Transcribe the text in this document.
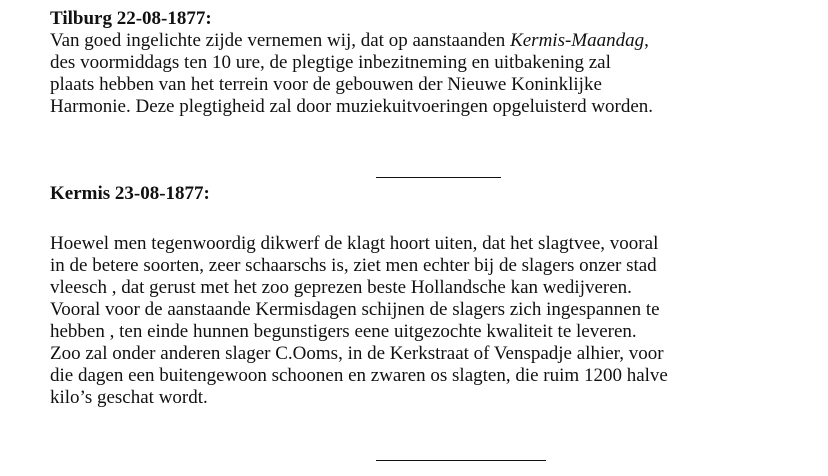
Tilburg 22-08-1877:

Van goed ingelichte zijde vernemen wij, dat op aanstaanden Kermis-Maandag,
des voormiddags ten 10 ure, de plegtige inbezitneming en uitbakening zal
plaats hebben van het terrein voor de gebouwen der Nieuwe Koninklijke
Harmonie. Deze plegtigheid zal door muziekuitvoeringen opgeluisterd worden.

Kermis 23-08-1877:

Hoewel men tegenwoordig dikwerf de klagt hoort uiten, dat het slagtvee, vooral
in de betere soorten, zeer schaarschs is, ziet men echter bij de slagers onzer stad
vleesch , dat gerust met het zoo geprezen beste Hollandsche kan wedijveren.
Vooral voor de aanstaande Kermisdagen schijnen de slagers zich ingespannen te
hebben , ten einde hunnen begunstigers eene uitgezochte kwaliteit te leveren.
Zoo zal onder anderen slager C.Ooms, in de Kerkstraat of Venspadje alhier, voor
die dagen een buitengewoon schoonen en zwaren os slagten, die ruim 1200 halve
kilo’s geschat wordt.
